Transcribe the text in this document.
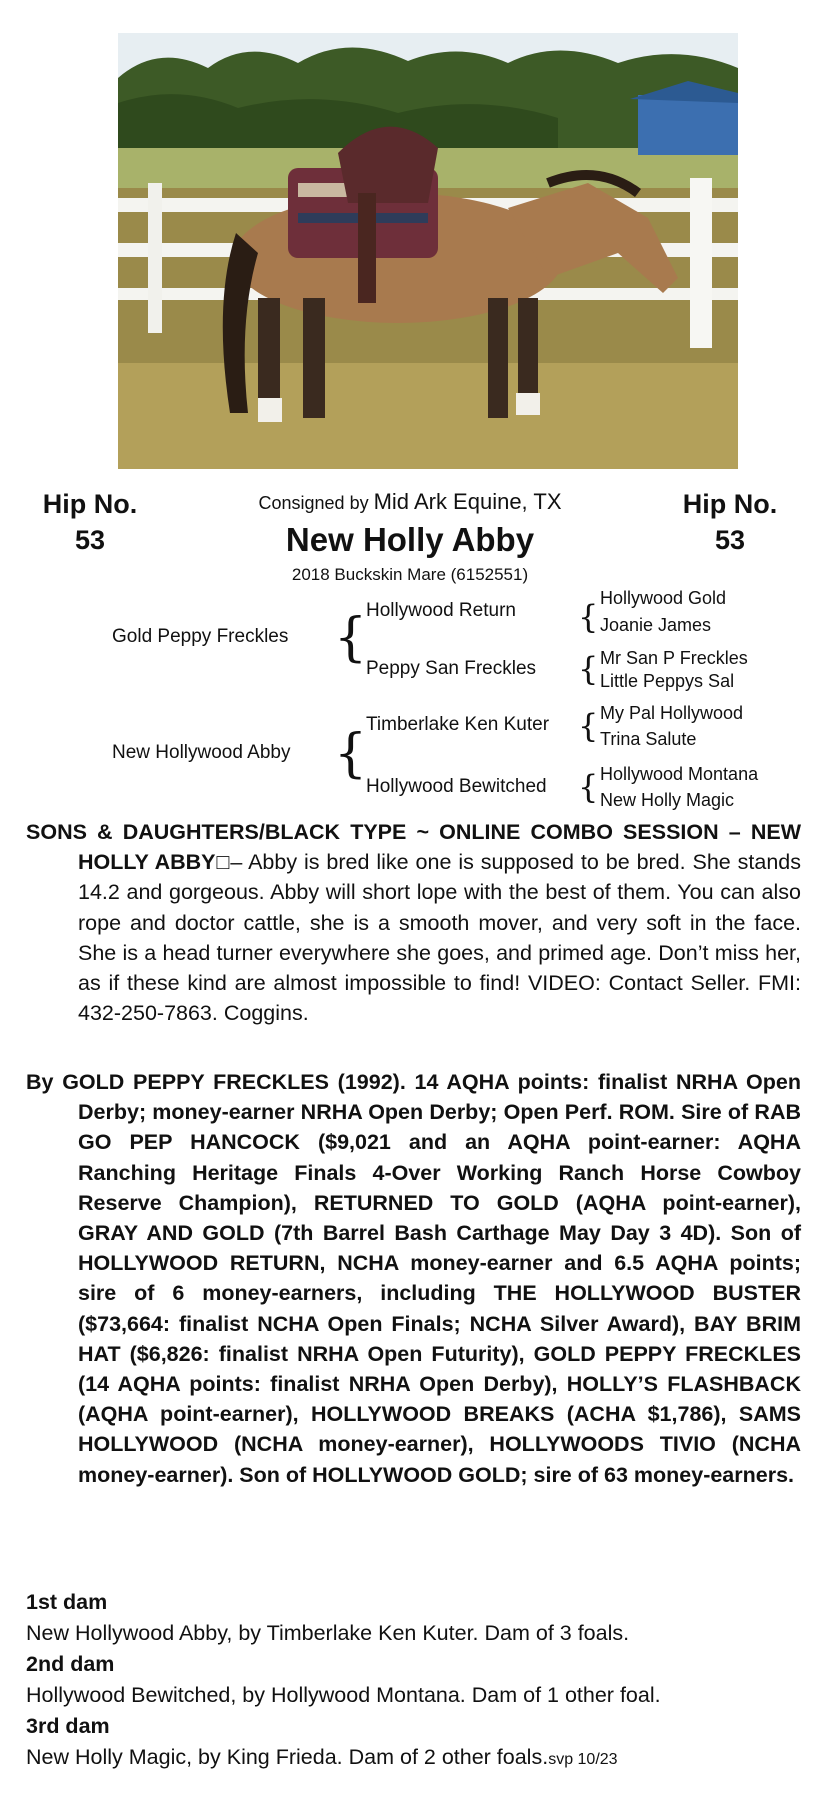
Hip No.
53
Hip No.
53
Consigned by Mid Ark Equine, TX
New Holly Abby
2018 Buckskin Mare (6152551)
Gold Peppy Freckles {
Hollywood Return
Peppy San Freckles
New Hollywood Abby {
Timberlake Ken Kuter
Hollywood Bewitched
{ Hollywood Gold
Joanie James
{ Mr San P Freckles
Little Peppys Sal
{ My Pal Hollywood
Trina Salute
{ Hollywood Montana
New Holly Magic

SONS & DAUGHTERS/BLACK TYPE ~ ONLINE COMBO SESSION – NEW HOLLY ABBY□– Abby is bred like one is supposed to be bred. She stands 14.2 and gorgeous. Abby will short lope with the best of them. You can also rope and doctor cattle, she is a smooth mover, and very soft in the face. She is a head turner everywhere she goes, and primed age. Don’t miss her, as if these kind are almost impossible to find! VIDEO: Contact Seller. FMI: 432-250-7863. Coggins.

By GOLD PEPPY FRECKLES (1992). 14 AQHA points: finalist NRHA Open Derby; money-earner NRHA Open Derby; Open Perf. ROM. Sire of RAB GO PEP HANCOCK ($9,021 and an AQHA point-earner: AQHA Ranching Heritage Finals 4-Over Working Ranch Horse Cowboy Reserve Champion), RETURNED TO GOLD (AQHA point-earner), GRAY AND GOLD (7th Barrel Bash Carthage May Day 3 4D). Son of HOLLYWOOD RETURN, NCHA money-earner and 6.5 AQHA points; sire of 6 money-earners, including THE HOLLYWOOD BUSTER ($73,664: finalist NCHA Open Finals; NCHA Silver Award), BAY BRIM HAT ($6,826: finalist NRHA Open Futurity), GOLD PEPPY FRECKLES (14 AQHA points: finalist NRHA Open Derby), HOLLY’S FLASHBACK (AQHA point-earner), HOLLYWOOD BREAKS (ACHA $1,786), SAMS HOLLYWOOD (NCHA money-earner), HOLLYWOODS TIVIO (NCHA money-earner). Son of HOLLYWOOD GOLD; sire of 63 money-earners.

1st dam
New Hollywood Abby, by Timberlake Ken Kuter. Dam of 3 foals.
2nd dam
Hollywood Bewitched, by Hollywood Montana. Dam of 1 other foal.
3rd dam
New Holly Magic, by King Frieda. Dam of 2 other foals.svp 10/23
